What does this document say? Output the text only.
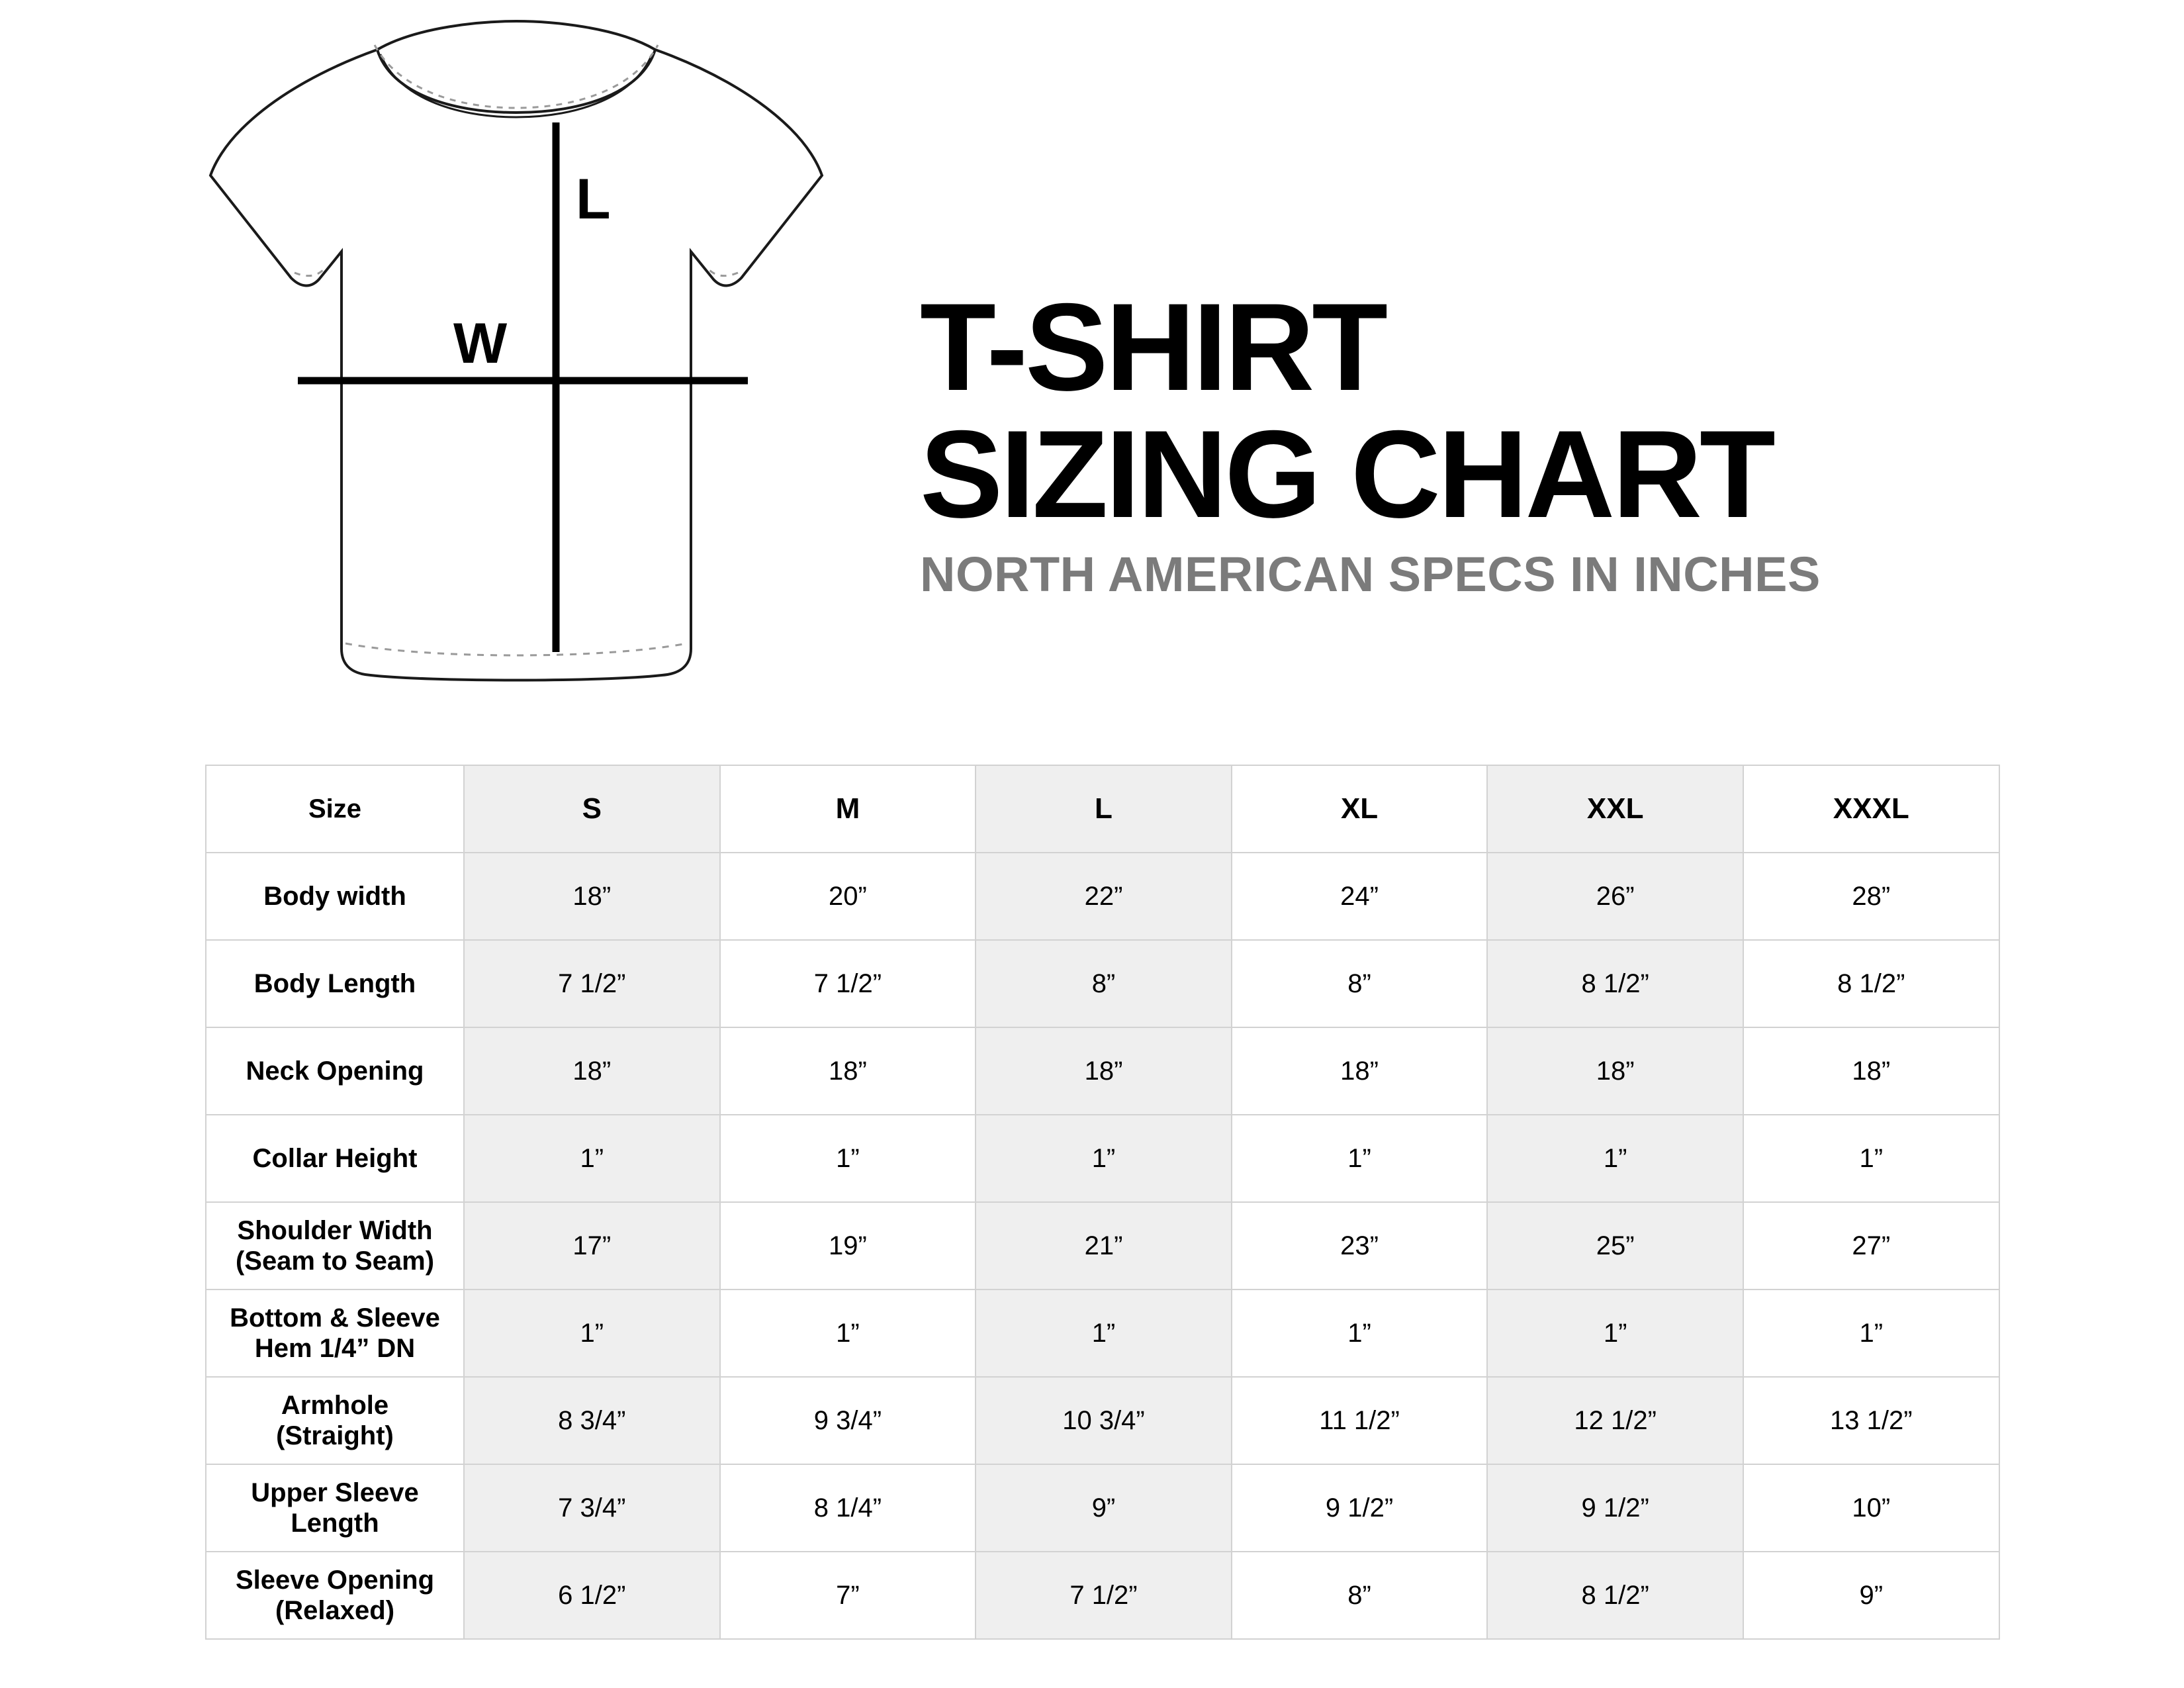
L
W	T-SHIRT
SIZING CHART
NORTH AMERICAN SPECS IN INCHES
Size	S	M	L	XL	XXL	XXXL
Body width	18”	20”	22”	24”	26”	28”
Body Length	7 1/2”	7 1/2”	8”	8”	8 1/2”	8 1/2”
Neck Opening	18”	18”	18”	18”	18”	18”
Collar Height	1”	1”	1”	1”	1”	1”

Shoulder Width
(Seam to Seam)	17”	19”	21”	23”	25”	27”

Bottom & Sleeve
Hem 1/4” DN	1”	1”	1”	1”	1”	1”

Armhole
(Straight)	8 3/4”	9 3/4”	10 3/4”	11 1/2”	12 1/2”	13 1/2”

Upper Sleeve
Length	7 3/4”	8 1/4”	9”	9 1/2”	9 1/2”	10”

Sleeve Opening
(Relaxed)	6 1/2”	7”	7 1/2”	8”	8 1/2”	9”
